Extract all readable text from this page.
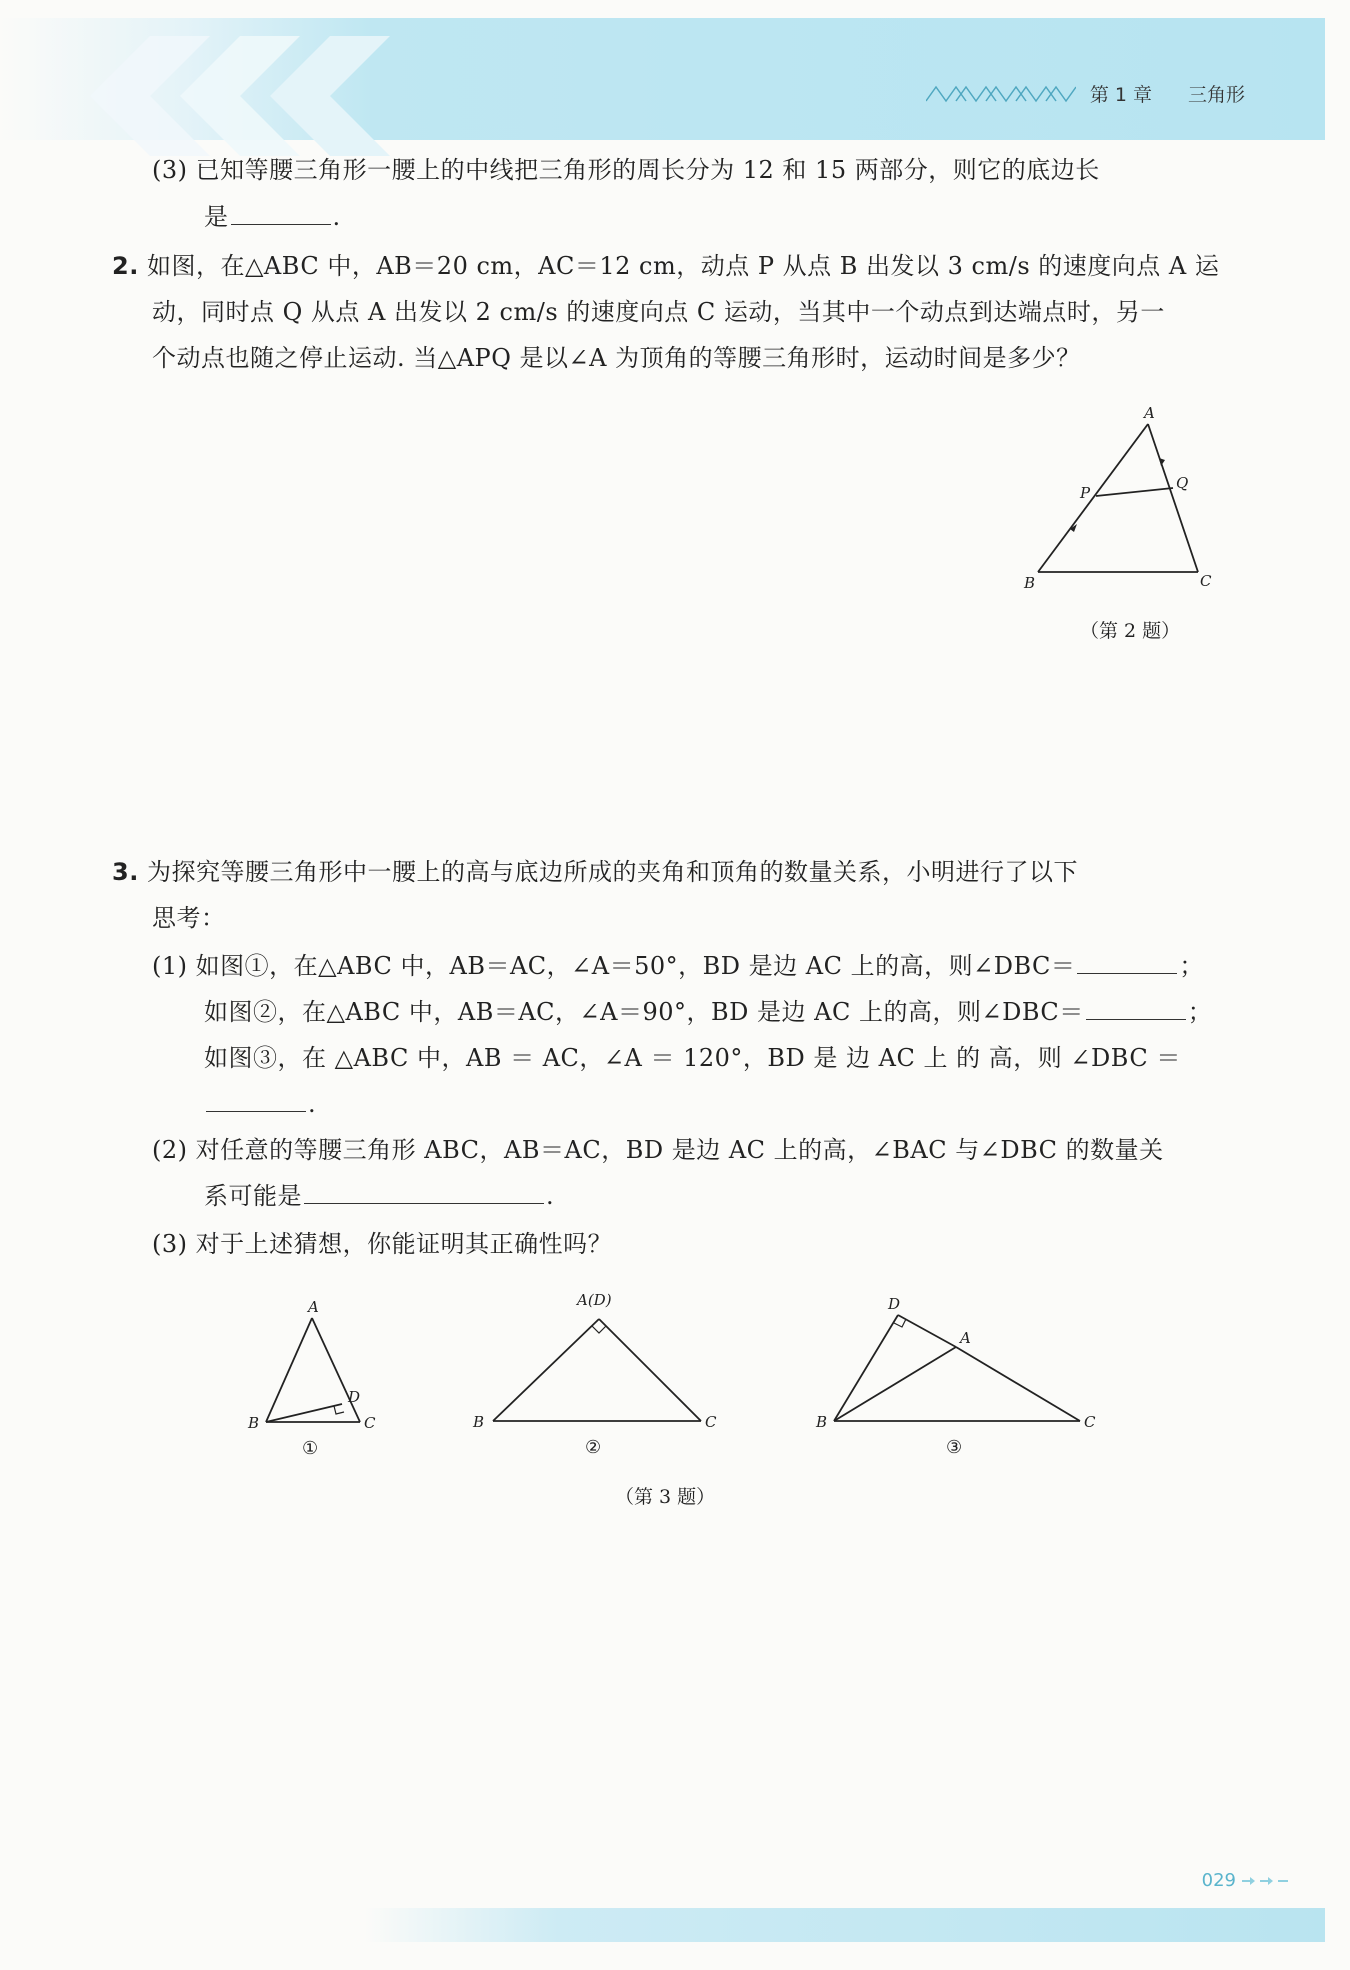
第 1 章 三角形
(3) 已知等腰三角形一腰上的中线把三角形的周长分为 12 和 15 两部分，则它的底边长
是	.
2. 如图，在△ABC 中，AB＝20 cm，AC＝12 cm，动点 P 从点 B 出发以 3 cm/s 的速度向点 A 运
动，同时点 Q 从点 A 出发以 2 cm/s 的速度向点 C 运动，当其中一个动点到达端点时，另一
个动点也随之停止运动. 当△APQ 是以∠A 为顶角的等腰三角形时，运动时间是多少？
A
B	C
P
Q
（第 2 题）
3. 为探究等腰三角形中一腰上的高与底边所成的夹角和顶角的数量关系，小明进行了以下
思考：
(1) 如图①，在△ABC 中，AB＝AC，∠A＝50°，BD 是边 AC 上的高，则∠DBC＝	；
如图②，在△ABC 中，AB＝AC，∠A＝90°，BD 是边 AC 上的高，则∠DBC＝	；
如图③，在 △ABC 中，AB ＝ AC，∠A ＝ 120°，BD 是 边 AC 上 的 高，则 ∠DBC ＝
.
(2) 对任意的等腰三角形 ABC，AB＝AC，BD 是边 AC 上的高，∠BAC 与∠DBC 的数量关
系可能是	.
(3) 对于上述猜想，你能证明其正确性吗？
A
B	C
D
①
A(D)
B	C
②
D
A
B	C
③
（第 3 题）
029
